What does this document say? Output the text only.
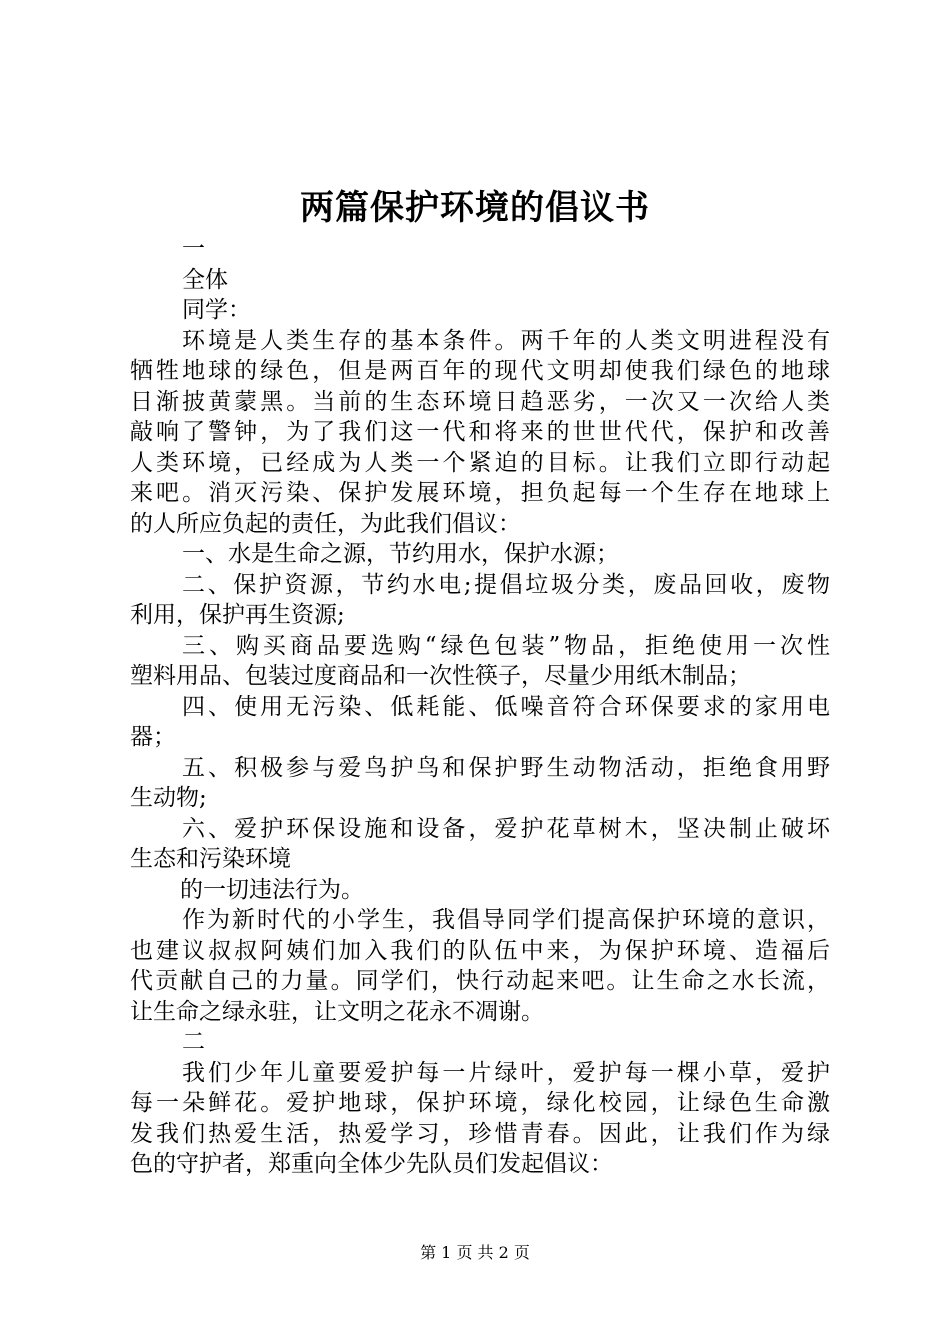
两篇保护环境的倡议书
一
全体
同学：
环境是人类生存的基本条件。两千年的人类文明进程没有
牺牲地球的绿色，但是两百年的现代文明却使我们绿色的地球
日渐披黄蒙黑。当前的生态环境日趋恶劣，一次又一次给人类
敲响了警钟，为了我们这一代和将来的世世代代，保护和改善
人类环境，已经成为人类一个紧迫的目标。让我们立即行动起
来吧。消灭污染、保护发展环境，担负起每一个生存在地球上
的人所应负起的责任，为此我们倡议：
一、水是生命之源，节约用水，保护水源；
二、保护资源，节约水电;提倡垃圾分类，废品回收，废物
利用，保护再生资源;
三、购买商品要选购“绿色包装”物品，拒绝使用一次性
塑料用品、包装过度商品和一次性筷子，尽量少用纸木制品；
四、使用无污染、低耗能、低噪音符合环保要求的家用电
器；
五、积极参与爱鸟护鸟和保护野生动物活动，拒绝食用野
生动物;
六、爱护环保设施和设备，爱护花草树木，坚决制止破坏
生态和污染环境
的一切违法行为。
作为新时代的小学生，我倡导同学们提高保护环境的意识，
也建议叔叔阿姨们加入我们的队伍中来，为保护环境、造福后
代贡献自己的力量。同学们，快行动起来吧。让生命之水长流，
让生命之绿永驻，让文明之花永不凋谢。
二
我们少年儿童要爱护每一片绿叶，爱护每一棵小草，爱护
每一朵鲜花。爱护地球，保护环境，绿化校园，让绿色生命激
发我们热爱生活，热爱学习，珍惜青春。因此，让我们作为绿
色的守护者，郑重向全体少先队员们发起倡议：
第 1 页 共 2 页
